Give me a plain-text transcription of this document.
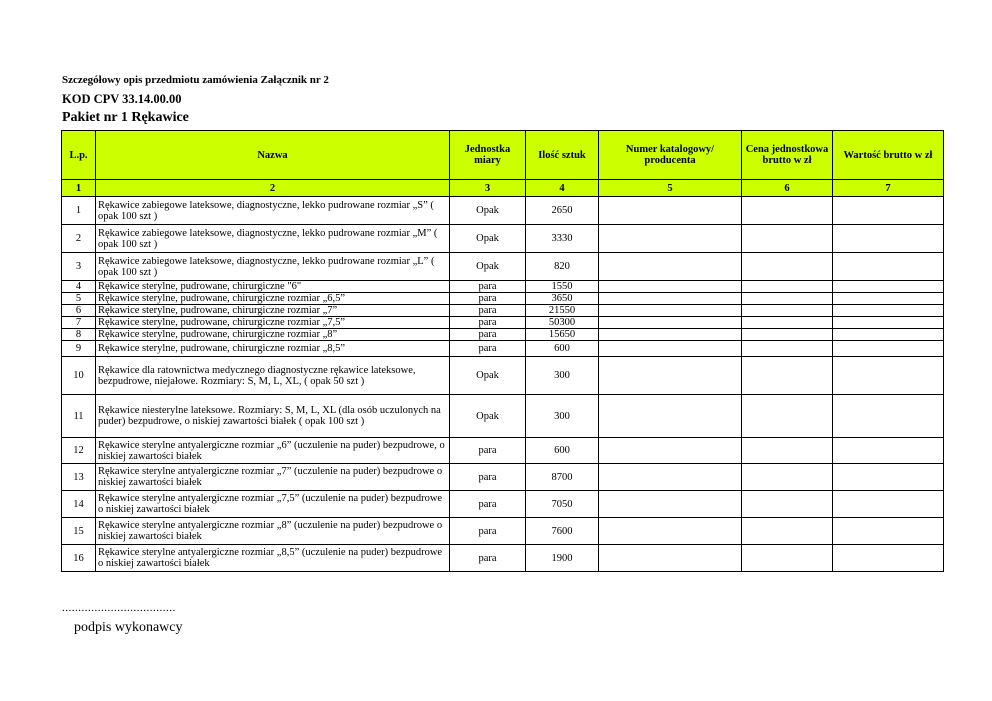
Szczegółowy opis przedmiotu zamówienia Załącznik nr 2
KOD CPV 33.14.00.00
Pakiet nr 1 Rękawice
L.p.	Nazwa	Jednostka miary	Ilość sztuk	Numer katalogowy/ producenta	Cena jednostkowa brutto w zł	Wartość brutto w zł
1	2	3	4	5	6	7
1	Rękawice zabiegowe lateksowe, diagnostyczne, lekko pudrowane rozmiar „S” ( opak 100 szt )	Opak	2650			
2	Rękawice zabiegowe lateksowe, diagnostyczne, lekko pudrowane rozmiar „M” ( opak 100 szt )	Opak	3330			
3	Rękawice zabiegowe lateksowe, diagnostyczne, lekko pudrowane rozmiar „L” ( opak 100 szt )	Opak	820			
4	Rękawice sterylne, pudrowane, chirurgiczne "6"	para	1550			
5	Rękawice sterylne, pudrowane, chirurgiczne rozmiar „6,5”	para	3650			
6	Rękawice sterylne, pudrowane, chirurgiczne rozmiar „7”	para	21550			
7	Rękawice sterylne, pudrowane, chirurgiczne rozmiar „7,5”	para	50300			
8	Rękawice sterylne, pudrowane, chirurgiczne rozmiar „8”	para	15650			
9	Rękawice sterylne, pudrowane, chirurgiczne rozmiar „8,5”	para	600			
10	Rękawice dla ratownictwa medycznego diagnostyczne rękawice lateksowe, bezpudrowe, niejałowe. Rozmiary: S, M, L, XL, ( opak 50 szt )	Opak	300			
11	Rękawice niesterylne lateksowe. Rozmiary: S, M, L, XL (dla osób uczulonych na puder) bezpudrowe, o niskiej zawartości białek ( opak 100 szt )	Opak	300			
12	Rękawice sterylne antyalergiczne rozmiar „6” (uczulenie na puder) bezpudrowe, o niskiej zawartości białek	para	600			
13	Rękawice sterylne antyalergiczne rozmiar „7” (uczulenie na puder) bezpudrowe o niskiej zawartości białek	para	8700			
14	Rękawice sterylne antyalergiczne rozmiar „7,5” (uczulenie na puder) bezpudrowe o niskiej zawartości białek	para	7050			
15	Rękawice sterylne antyalergiczne rozmiar „8” (uczulenie na puder) bezpudrowe o niskiej zawartości białek	para	7600			
16	Rękawice sterylne antyalergiczne rozmiar „8,5” (uczulenie na puder) bezpudrowe o niskiej zawartości białek	para	1900			
...................................
podpis wykonawcy
